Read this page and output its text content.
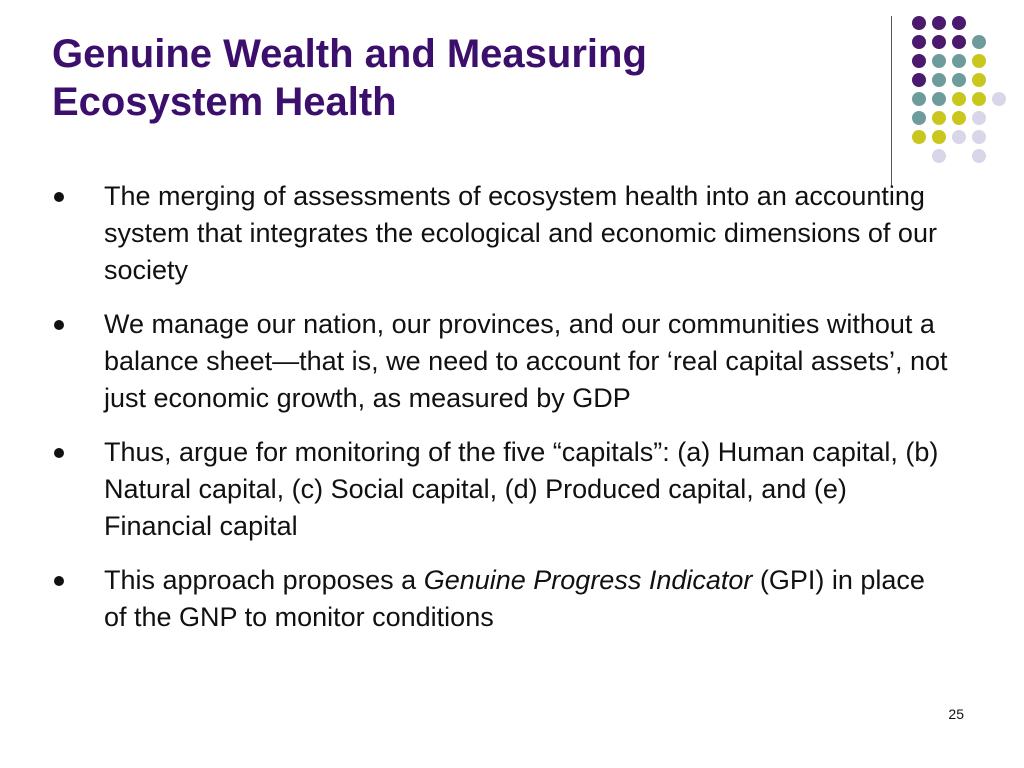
Genuine Wealth and Measuring
Ecosystem Health
The merging of assessments of ecosystem health into an accounting system that integrates the ecological and economic dimensions of our society
We manage our nation, our provinces, and our communities without a balance sheet—that is, we need to account for ‘real capital assets’, not just economic growth, as measured by GDP
Thus, argue for monitoring of the five “capitals”: (a) Human capital, (b) Natural capital, (c) Social capital, (d) Produced capital, and (e) Financial capital
This approach proposes a Genuine Progress Indicator (GPI) in place of the GNP to monitor conditions
25
